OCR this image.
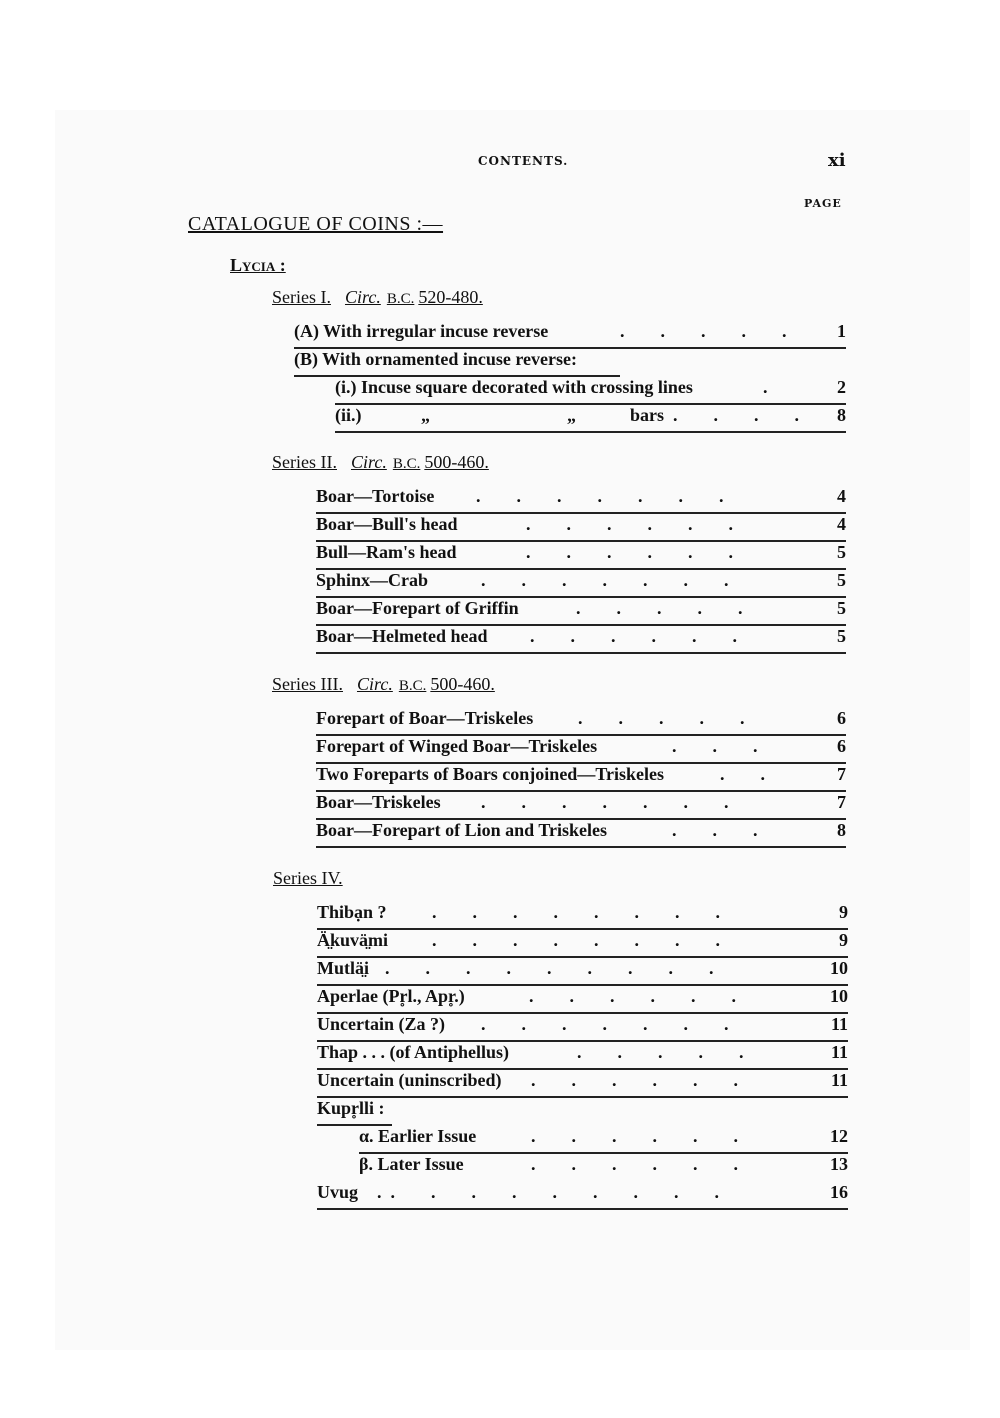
CONTENTS.	xi
PAGE
CATALOGUE OF COINS :—
Lycia :
Series I. Circ. B.C. 520-480.
(A) With irregular incuse reverse	.        .        .        .        .	1
(B) With ornamented incuse reverse:
(i.) Incuse square decorated with crossing lines	.	2
(ii.)	„	„	bars .        .        .        . 8
Series II. Circ. B.C. 500-460.
Boar—Tortoise .        .        .        .        .        .        .	4
Boar—Bull's head	.        .        .        .        .        .	4
Bull—Ram's head	.        .        .        .        .        .	5
Sphinx—Crab	.        .        .        .        .        .        .	5
Boar—Forepart of Griffin	.        .        .        .        .	5
Boar—Helmeted head .        .        .        .        .        .	5
Series III. Circ. B.C. 500-460.
Forepart of Boar—Triskeles .        .        .        .        .	6
Forepart of Winged Boar—Triskeles	.        .        .	6
Two Foreparts of Boars conjoined—Triskeles	.        .	7
Boar—Triskeles .        .        .        .        .        .        .	7
Boar—Forepart of Lion and Triskeles	.        .        .	8
Series IV.
Thibạn ?	.        .        .        .        .        .        .        .	9
Ä̤kuvä̤mi .        .        .        .        .        .        .        .	9
Mutlä̤i .        .        .        .        .        .        .        .        .	10
Aperlae (Pr̥l., Apr̥.)	.        .        .        .        .        .	10
Uncertain (Za ?) .        .        .        .        .        .        .	11
Thap . . . (of Antiphellus)	.        .        .        .        .	11
Uncertain (uninscribed) .        .        .        .        .        .	11
Kupr̥lli :
α. Earlier Issue	.        .        .        .        .        .	12
β. Later Issue	.        .        .        .        .        .	13
Uvug .  .        .        .        .        .        .        .        .        .	16
